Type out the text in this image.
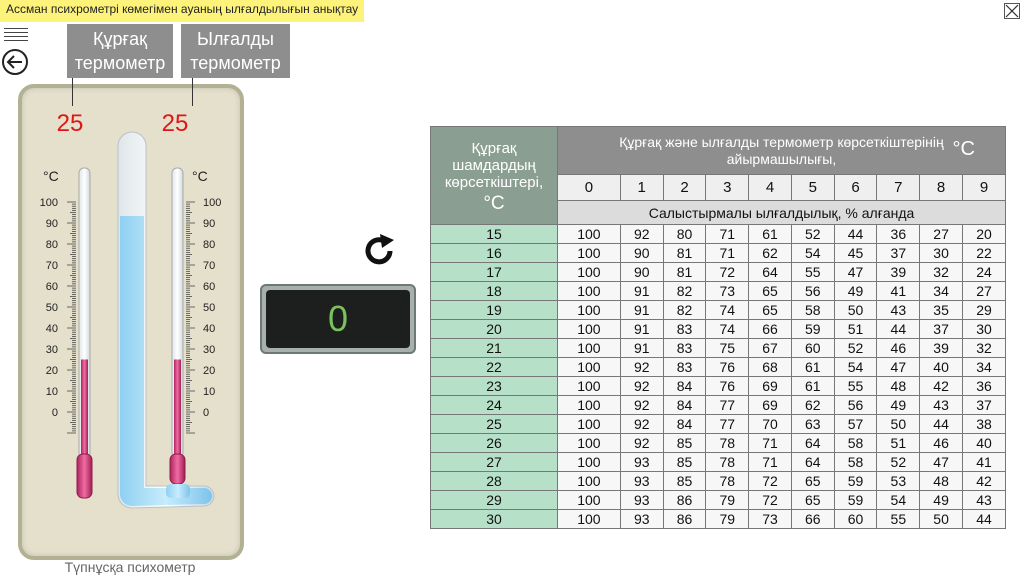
Ассман психрометрі көмегімен ауаның ылғалдылығын анықтау
Құрғақ термометр
Ылғалды термометр
100
90
80
70
60
50
40
30
20
10
0
100
90
80
70
60
50
40
30
20
10
0
°C	°C
25	25
Түпнұсқа психометр
0
Құрғақ шамдардың көрсеткіштері,
°C	Құрғақ және ылғалды термометр көрсеткіштерінің айырмашылығы, °C									

	0	1	2	3	4	5	6	7	8	9
	Салыстырмалы ылғалдылық, % алғанда									
15	100	92	80	71	61	52	44	36	27	20
16	100	90	81	71	62	54	45	37	30	22
17	100	90	81	72	64	55	47	39	32	24
18	100	91	82	73	65	56	49	41	34	27
19	100	91	82	74	65	58	50	43	35	29
20	100	91	83	74	66	59	51	44	37	30
21	100	91	83	75	67	60	52	46	39	32
22	100	92	83	76	68	61	54	47	40	34
23	100	92	84	76	69	61	55	48	42	36
24	100	92	84	77	69	62	56	49	43	37
25	100	92	84	77	70	63	57	50	44	38
26	100	92	85	78	71	64	58	51	46	40
27	100	93	85	78	71	64	58	52	47	41
28	100	93	85	78	72	65	59	53	48	42
29	100	93	86	79	72	65	59	54	49	43
30	100	93	86	79	73	66	60	55	50	44
